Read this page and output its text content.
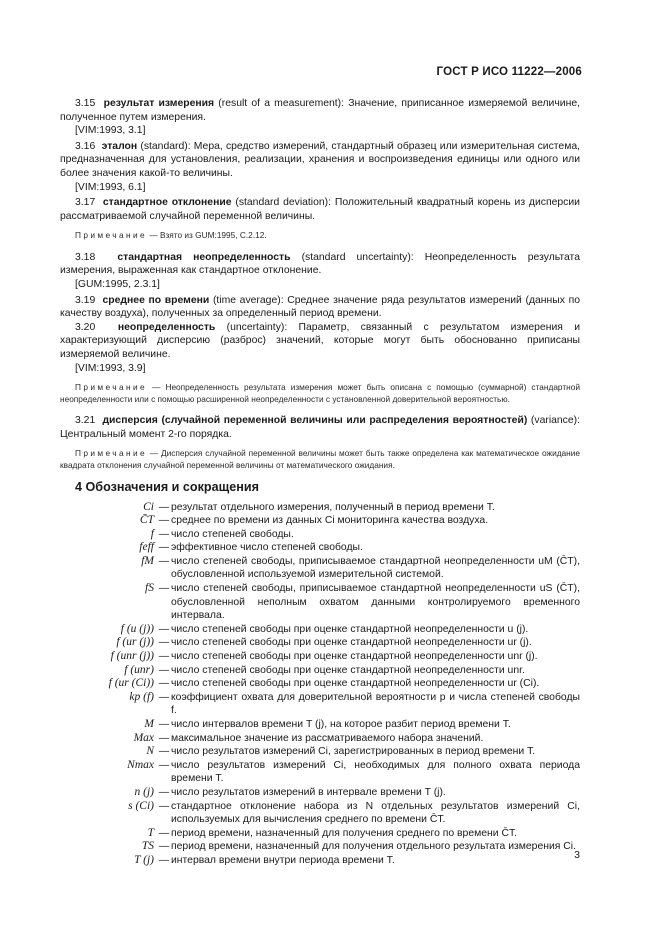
ГОСТ Р ИСО 11222—2006

3.15 результат измерения (result of a measurement): Значение, приписанное измеряемой величине, полученное путем измерения.

[VIM:1993, 3.1]

3.16 эталон (standard): Мера, средство измерений, стандартный образец или измерительная система, предназначенная для установления, реализации, хранения и воспроизведения единицы или одного или более значения какой-то величины.

[VIM:1993, 6.1]

3.17 стандартное отклонение (standard deviation): Положительный квадратный корень из дисперсии рассматриваемой случайной переменной величины.

Примечание — Взято из GUM:1995, С.2.12.

3.18 стандартная неопределенность (standard uncertainty): Неопределенность результата измерения, выраженная как стандартное отклонение.

[GUM:1995, 2.3.1]

3.19 среднее по времени (time average): Среднее значение ряда результатов измерений (данных по качеству воздуха), полученных за определенный период времени.

3.20 неопределенность (uncertainty): Параметр, связанный с результатом измерения и характеризующий дисперсию (разброс) значений, которые могут быть обоснованно приписаны измеряемой величине.

[VIM:1993, 3.9]

Примечание — Неопределенность результата измерения может быть описана с помощью (суммарной) стандартной неопределенности или с помощью расширенной неопределенности с установленной доверительной вероятностью.

3.21 дисперсия (случайной переменной величины или распределения вероятностей) (variance): Центральный момент 2-го порядка.

Примечание — Дисперсия случайной переменной величины может быть также определена как математическое ожидание квадрата отклонения случайной переменной величины от математического ожидания.

4 Обозначения и сокращения
Ci — результат отдельного измерения, полученный в период времени T.
C̄T — среднее по времени из данных Ci мониторинга качества воздуха.
f — число степеней свободы.
feff — эффективное число степеней свободы.
fM — число степеней свободы, приписываемое стандартной неопределенности uM (C̄T), обусловленной используемой измерительной системой.
fS — число степеней свободы, приписываемое стандартной неопределенности uS (C̄T), обусловленной неполным охватом данными контролируемого временного интервала.
f (u (j)) — число степеней свободы при оценке стандартной неопределенности u (j).
f (ur (j)) — число степеней свободы при оценке стандартной неопределенности ur (j).
f (unr (j)) — число степеней свободы при оценке стандартной неопределенности unr (j).
f (unr) — число степеней свободы при оценке стандартной неопределенности unr.
f (ur (Ci)) — число степеней свободы при оценке стандартной неопределенности ur (Ci).
kp (f) — коэффициент охвата для доверительной вероятности p и числа степеней свободы f.
M — число интервалов времени T (j), на которое разбит период времени T.
Max — максимальное значение из рассматриваемого набора значений.
N — число результатов измерений Ci, зарегистрированных в период времени T.
Nmax — число результатов измерений Ci, необходимых для полного охвата периода времени T.
n (j) — число результатов измерений в интервале времени T (j).
s (Ci) — стандартное отклонение набора из N отдельных результатов измерений Ci, используемых для вычисления среднего по времени C̄T.
T — период времени, назначенный для получения среднего по времени C̄T.
TS — период времени, назначенный для получения отдельного результата измерения Ci.
T (j) — интервал времени внутри периода времени T.	3
